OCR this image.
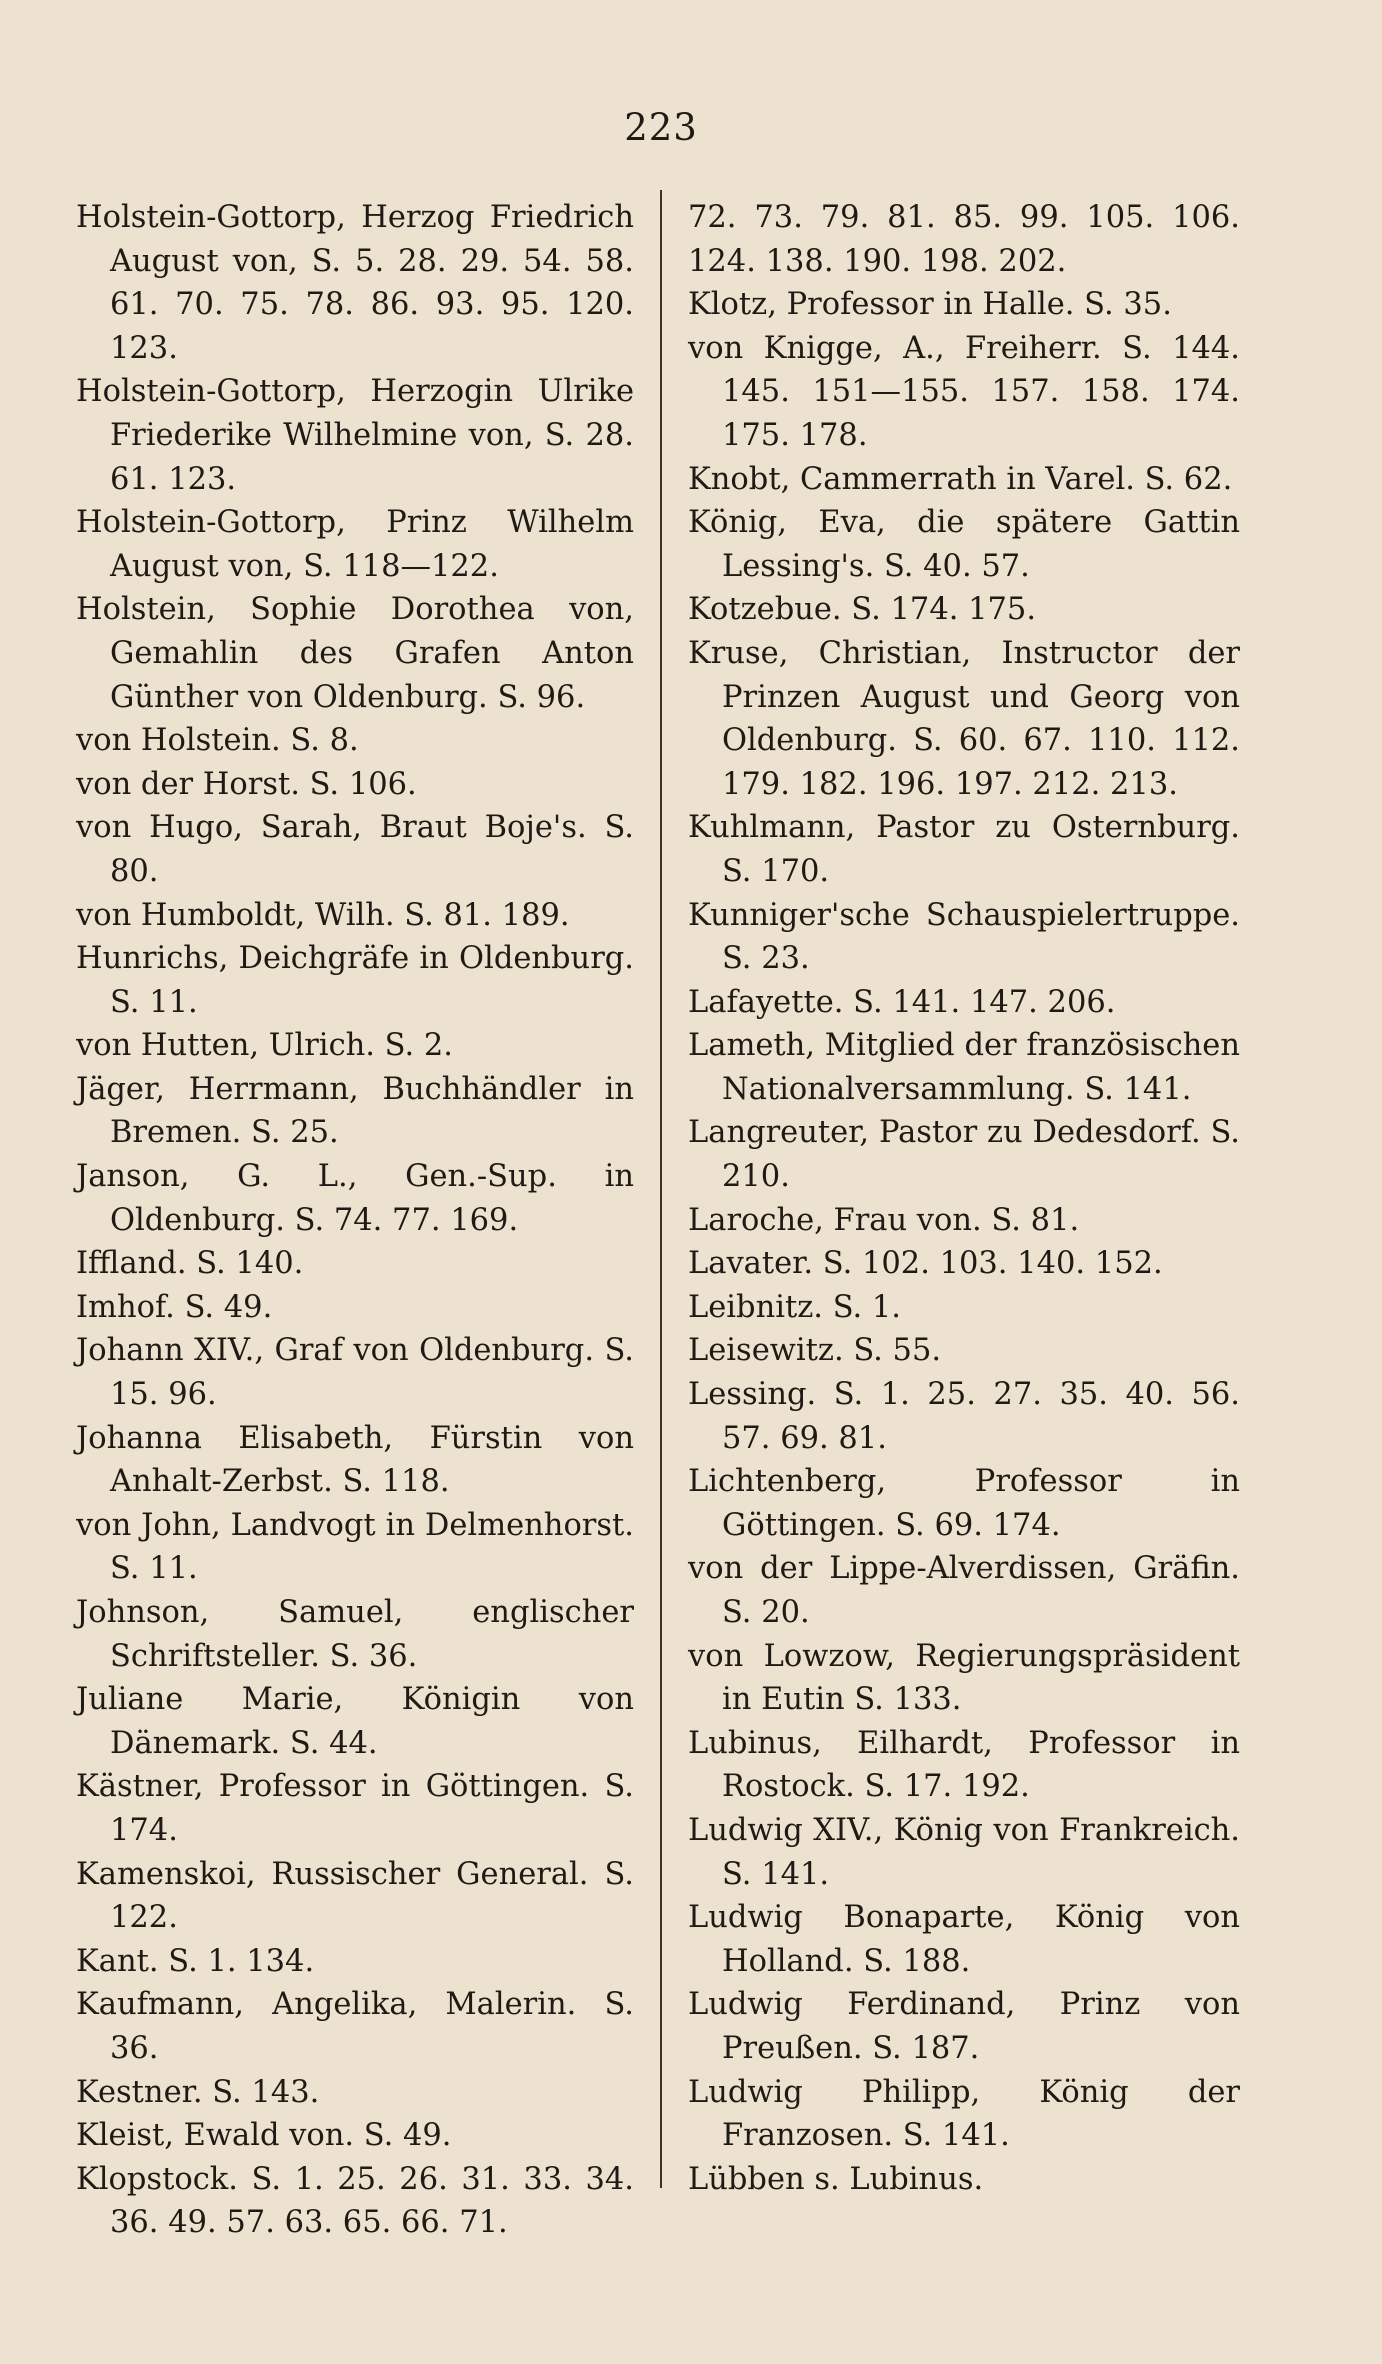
223

Holstein-Gottorp, Herzog Friedrich August von, S. 5. 28. 29. 54. 58. 61. 70. 75. 78. 86. 93. 95. 120. 123.

Holstein-Gottorp, Herzogin Ulrike Friederike Wilhelmine von, S. 28. 61. 123.

Holstein-Gottorp, Prinz Wilhelm August von, S. 118—122.

Holstein, Sophie Dorothea von, Gemahlin des Grafen Anton Günther von Oldenburg. S. 96.

von Holstein. S. 8.

von der Horst. S. 106.

von Hugo, Sarah, Braut Boje's. S. 80.

von Humboldt, Wilh. S. 81. 189.

Hunrichs, Deichgräfe in Oldenburg. S. 11.

von Hutten, Ulrich. S. 2.

Jäger, Herrmann, Buchhändler in Bremen. S. 25.

Janson, G. L., Gen.-Sup. in Oldenburg. S. 74. 77. 169.

Iffland. S. 140.

Imhof. S. 49.

Johann XIV., Graf von Oldenburg. S. 15. 96.

Johanna Elisabeth, Fürstin von Anhalt-Zerbst. S. 118.

von John, Landvogt in Delmenhorst. S. 11.

Johnson, Samuel, englischer Schriftsteller. S. 36.

Juliane Marie, Königin von Dänemark. S. 44.

Kästner, Professor in Göttingen. S. 174.

Kamenskoi, Russischer General. S. 122.

Kant. S. 1. 134.

Kaufmann, Angelika, Malerin. S. 36.

Kestner. S. 143.

Kleist, Ewald von. S. 49.

Klopstock. S. 1. 25. 26. 31. 33. 34. 36. 49. 57. 63. 65. 66. 71.

72. 73. 79. 81. 85. 99. 105. 106. 124. 138. 190. 198. 202.

Klotz, Professor in Halle. S. 35.

von Knigge, A., Freiherr. S. 144. 145. 151—155. 157. 158. 174. 175. 178.

Knobt, Cammerrath in Varel. S. 62.

König, Eva, die spätere Gattin Lessing's. S. 40. 57.

Kotzebue. S. 174. 175.

Kruse, Christian, Instructor der Prinzen August und Georg von Oldenburg. S. 60. 67. 110. 112. 179. 182. 196. 197. 212. 213.

Kuhlmann, Pastor zu Osternburg. S. 170.

Kunniger'sche Schauspielertruppe. S. 23.

Lafayette. S. 141. 147. 206.

Lameth, Mitglied der französischen Nationalversammlung. S. 141.

Langreuter, Pastor zu Dedesdorf. S. 210.

Laroche, Frau von. S. 81.

Lavater. S. 102. 103. 140. 152.

Leibnitz. S. 1.

Leisewitz. S. 55.

Lessing. S. 1. 25. 27. 35. 40. 56. 57. 69. 81.

Lichtenberg, Professor in Göttingen. S. 69. 174.

von der Lippe-Alverdissen, Gräfin. S. 20.

von Lowzow, Regierungspräsident in Eutin S. 133.

Lubinus, Eilhardt, Professor in Rostock. S. 17. 192.

Ludwig XIV., König von Frankreich. S. 141.

Ludwig Bonaparte, König von Holland. S. 188.

Ludwig Ferdinand, Prinz von Preußen. S. 187.

Ludwig Philipp, König der Franzosen. S. 141.

Lübben s. Lubinus.
